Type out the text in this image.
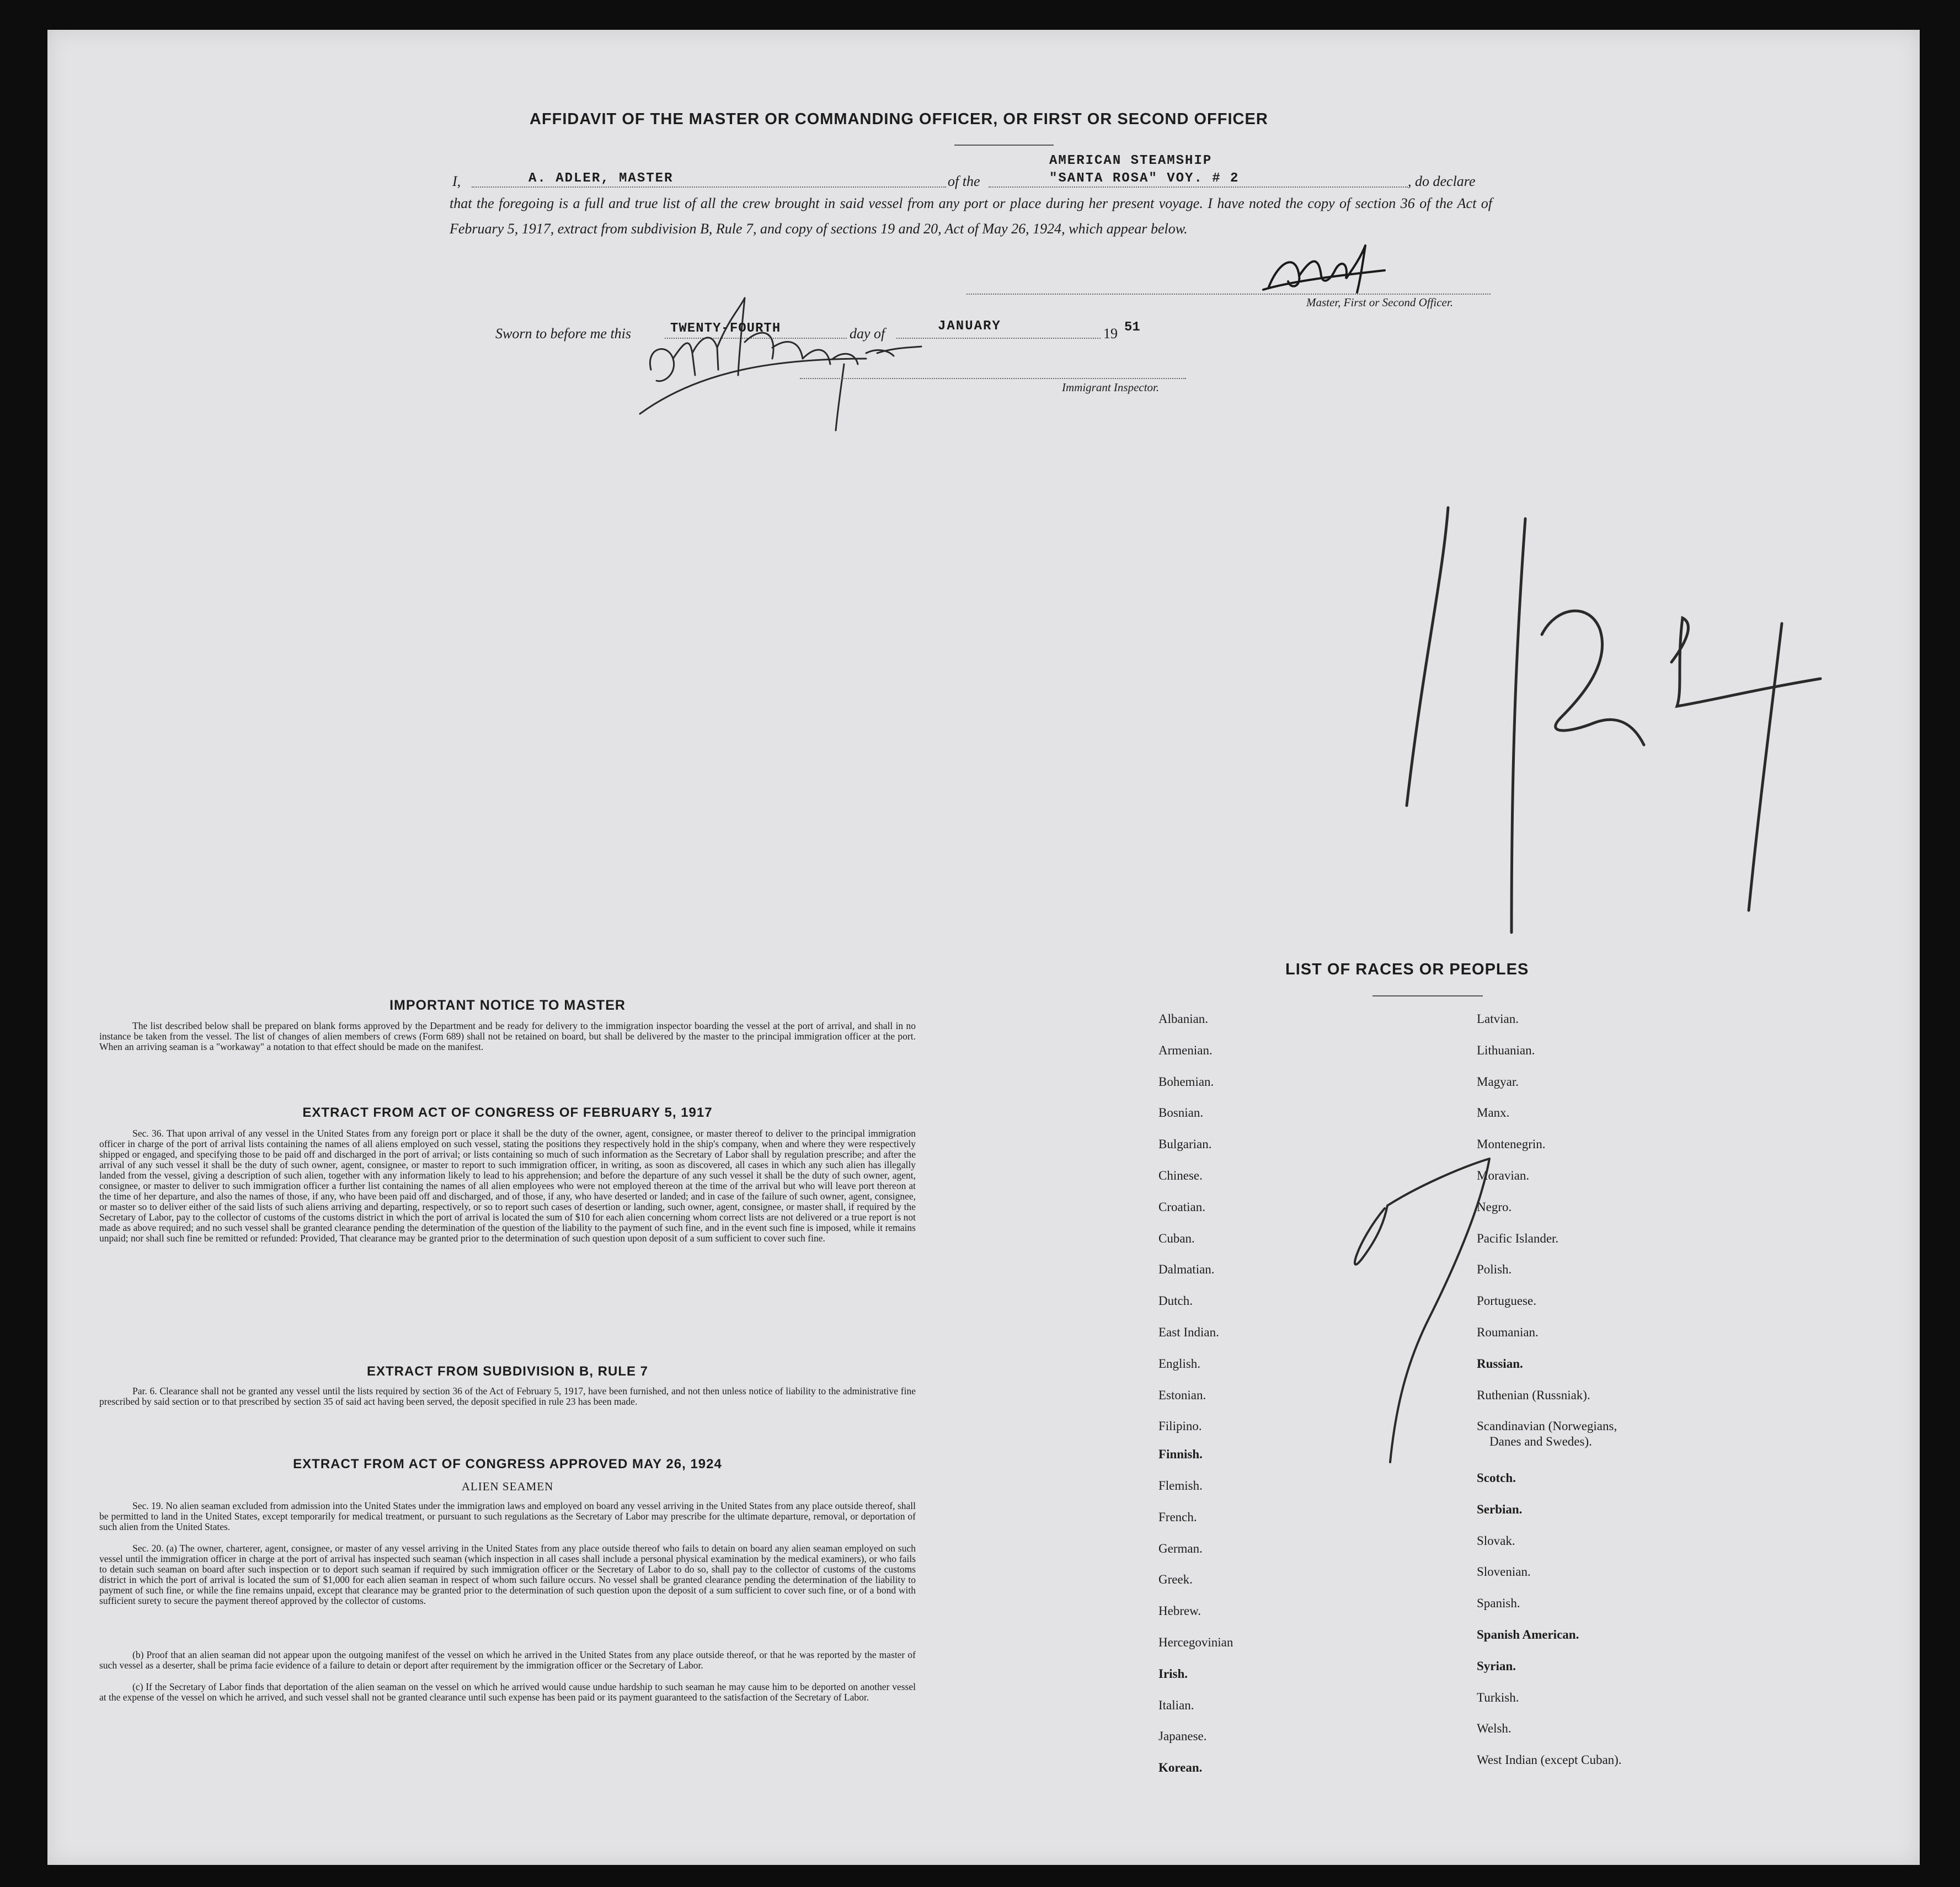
AFFIDAVIT OF THE MASTER OR COMMANDING OFFICER, OR FIRST OR SECOND OFFICER
I,	A. ADLER, MASTER	of the
AMERICAN STEAMSHIP
"SANTA ROSA" VOY. # 2	, do declare
that the foregoing is a full and true list of all the crew brought in said vessel from any port or place during her present voyage. I have noted the copy of section 36 of the Act of February 5, 1917, extract from subdivision B, Rule 7, and copy of sections 19 and 20, Act of May 26, 1924, which appear below.
Master, First or Second Officer.
Sworn to before me this	TWENTY-FOURTH	day of	JANUARY	19 51
Immigrant Inspector.
IMPORTANT NOTICE TO MASTER
The list described below shall be prepared on blank forms approved by the Department and be ready for delivery to the immigration inspector boarding the vessel at the port of arrival, and shall in no instance be taken from the vessel. The list of changes of alien members of crews (Form 689) shall not be retained on board, but shall be delivered by the master to the principal immigration officer at the port. When an arriving seaman is a "workaway" a notation to that effect should be made on the manifest.
EXTRACT FROM ACT OF CONGRESS OF FEBRUARY 5, 1917
Sec. 36. That upon arrival of any vessel in the United States from any foreign port or place it shall be the duty of the owner, agent, consignee, or master thereof to deliver to the principal immigration officer in charge of the port of arrival lists containing the names of all aliens employed on such vessel, stating the positions they respectively hold in the ship's company, when and where they were respectively shipped or engaged, and specifying those to be paid off and discharged in the port of arrival; or lists containing so much of such information as the Secretary of Labor shall by regulation prescribe; and after the arrival of any such vessel it shall be the duty of such owner, agent, consignee, or master to report to such immigration officer, in writing, as soon as discovered, all cases in which any such alien has illegally landed from the vessel, giving a description of such alien, together with any information likely to lead to his apprehension; and before the departure of any such vessel it shall be the duty of such owner, agent, consignee, or master to deliver to such immigration officer a further list containing the names of all alien employees who were not employed thereon at the time of the arrival but who will leave port thereon at the time of her departure, and also the names of those, if any, who have been paid off and discharged, and of those, if any, who have deserted or landed; and in case of the failure of such owner, agent, consignee, or master so to deliver either of the said lists of such aliens arriving and departing, respectively, or so to report such cases of desertion or landing, such owner, agent, consignee, or master shall, if required by the Secretary of Labor, pay to the collector of customs of the customs district in which the port of arrival is located the sum of $10 for each alien concerning whom correct lists are not delivered or a true report is not made as above required; and no such vessel shall be granted clearance pending the determination of the question of the liability to the payment of such fine, and in the event such fine is imposed, while it remains unpaid; nor shall such fine be remitted or refunded: Provided, That clearance may be granted prior to the determination of such question upon deposit of a sum sufficient to cover such fine.
EXTRACT FROM SUBDIVISION B, RULE 7
Par. 6. Clearance shall not be granted any vessel until the lists required by section 36 of the Act of February 5, 1917, have been furnished, and not then unless notice of liability to the administrative fine prescribed by said section or to that prescribed by section 35 of said act having been served, the deposit specified in rule 23 has been made.
EXTRACT FROM ACT OF CONGRESS APPROVED MAY 26, 1924
ALIEN SEAMEN
Sec. 19. No alien seaman excluded from admission into the United States under the immigration laws and employed on board any vessel arriving in the United States from any place outside thereof, shall be permitted to land in the United States, except temporarily for medical treatment, or pursuant to such regulations as the Secretary of Labor may prescribe for the ultimate departure, removal, or deportation of such alien from the United States.
Sec. 20. (a) The owner, charterer, agent, consignee, or master of any vessel arriving in the United States from any place outside thereof who fails to detain on board any alien seaman employed on such vessel until the immigration officer in charge at the port of arrival has inspected such seaman (which inspection in all cases shall include a personal physical examination by the medical examiners), or who fails to detain such seaman on board after such inspection or to deport such seaman if required by such immigration officer or the Secretary of Labor to do so, shall pay to the collector of customs of the customs district in which the port of arrival is located the sum of $1,000 for each alien seaman in respect of whom such failure occurs. No vessel shall be granted clearance pending the determination of the liability to payment of such fine, or while the fine remains unpaid, except that clearance may be granted prior to the determination of such question upon the deposit of a sum sufficient to cover such fine, or of a bond with sufficient surety to secure the payment thereof approved by the collector of customs.
(b) Proof that an alien seaman did not appear upon the outgoing manifest of the vessel on which he arrived in the United States from any place outside thereof, or that he was reported by the master of such vessel as a deserter, shall be prima facie evidence of a failure to detain or deport after requirement by the immigration officer or the Secretary of Labor.
(c) If the Secretary of Labor finds that deportation of the alien seaman on the vessel on which he arrived would cause undue hardship to such seaman he may cause him to be deported on another vessel at the expense of the vessel on which he arrived, and such vessel shall not be granted clearance until such expense has been paid or its payment guaranteed to the satisfaction of the Secretary of Labor.
LIST OF RACES OR PEOPLES
Albanian.
Armenian.
Bohemian.
Bosnian.
Bulgarian.
Chinese.
Croatian.
Cuban.
Dalmatian.
Dutch.
East Indian.
English.
Estonian.
Filipino.
Finnish.
Flemish.
French.
German.
Greek.
Hebrew.
Hercegovinian
Irish.
Italian.
Japanese.
Korean.
Latvian.
Lithuanian.
Magyar.
Manx.
Montenegrin.
Moravian.
Negro.
Pacific Islander.
Polish.
Portuguese.
Roumanian.
Russian.
Ruthenian (Russniak).
Scandinavian (Norwegians,
Scotch.
Serbian.
Slovak.
Slovenian.
Spanish.
Spanish American.
Syrian.
Turkish.
Welsh.
West Indian (except Cuban).
Danes and Swedes).
